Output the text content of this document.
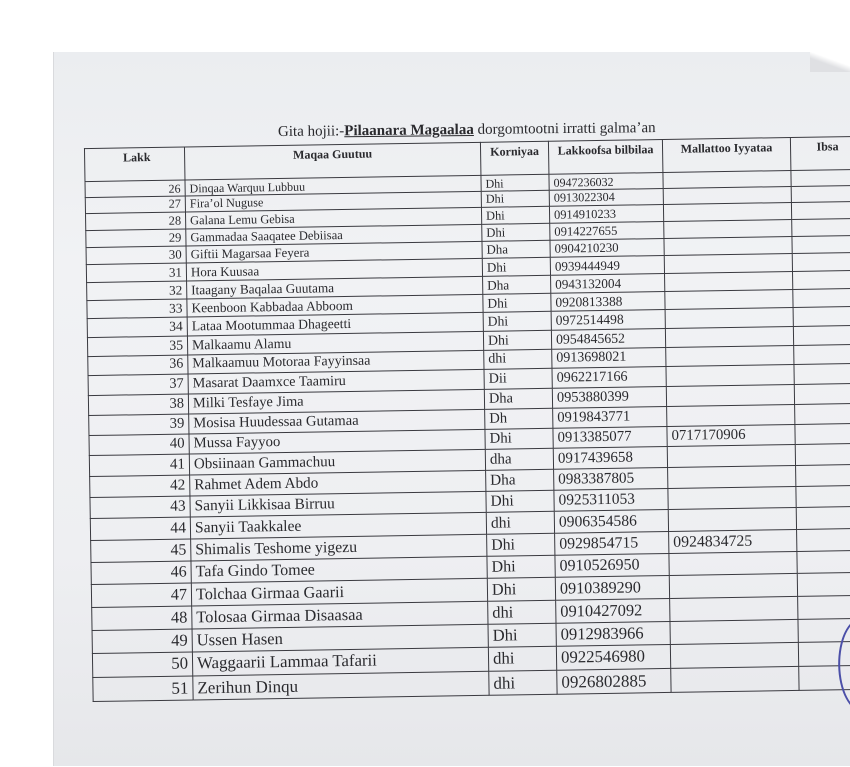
Gita hojii:-Pilaanara Magaalaa dorgomtootni irratti galma’an
Lakk	Maqaa Guutuu	Korniyaa	Lakkoofsa bilbilaa	Mallattoo Iyyataa	Ibsa
26	Dinqaa Warquu Lubbuu	Dhi	0947236032		
27	Fira’ol Nuguse	Dhi	0913022304		
28	Galana Lemu Gebisa	Dhi	0914910233		
29	Gammadaa Saaqatee Debiisaa	Dhi	0914227655		
30	Giftii Magarsaa Feyera	Dha	0904210230		
31	Hora Kuusaa	Dhi	0939444949		
32	Itaagany Baqalaa Guutama	Dha	0943132004		
33	Keenboon Kabbadaa Abboom	Dhi	0920813388		
34	Lataa Mootummaa Dhageetti	Dhi	0972514498		
35	Malkaamu Alamu	Dhi	0954845652		
36	Malkaamuu Motoraa Fayyinsaa	dhi	0913698021		
37	Masarat Daamxce Taamiru	Dii	0962217166		
38	Milki Tesfaye Jima	Dha	0953880399		
39	Mosisa Huudessaa Gutamaa	Dh	0919843771		
40	Mussa Fayyoo	Dhi	0913385077	0717170906	
41	Obsiinaan Gammachuu	dha	0917439658		
42	Rahmet Adem Abdo	Dha	0983387805		
43	Sanyii Likkisaa Birruu	Dhi	0925311053		
44	Sanyii Taakkalee	dhi	0906354586		
45	Shimalis Teshome yigezu	Dhi	0929854715	0924834725	
46	Tafa Gindo Tomee	Dhi	0910526950		
47	Tolchaa Girmaa Gaarii	Dhi	0910389290		
48	Tolosaa Girmaa Disaasaa	dhi	0910427092		
49	Ussen Hasen	Dhi	0912983966		
50	Waggaarii Lammaa Tafarii	dhi	0922546980		
51	Zerihun Dinqu	dhi	0926802885		
